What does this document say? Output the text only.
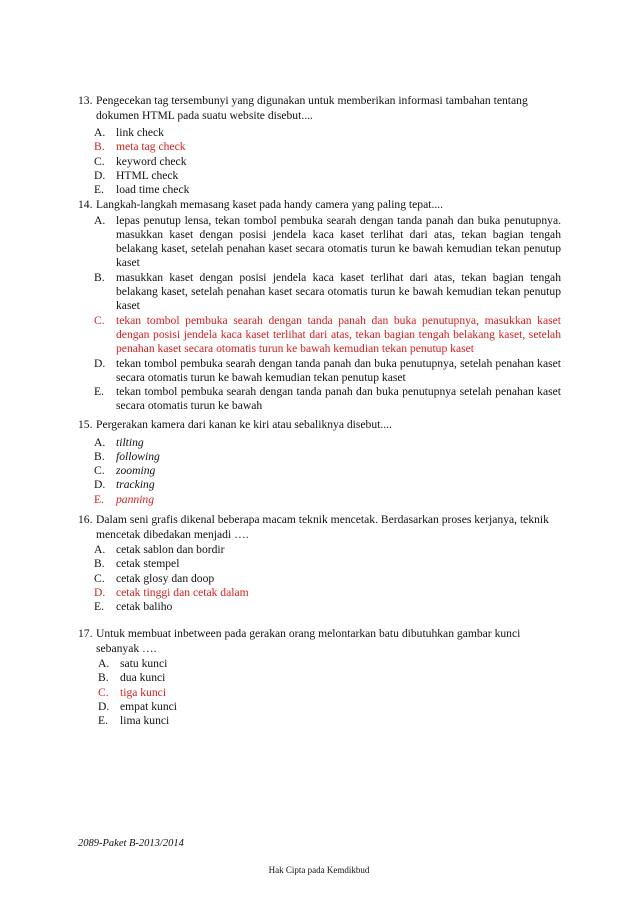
13. Pengecekan tag tersembunyi yang digunakan untuk memberikan informasi tambahan tentang
dokumen HTML pada suatu website disebut....
A. link check
B. meta tag check
C. keyword check
D. HTML check
E.	load time check
14. Langkah-langkah memasang kaset pada handy camera yang paling tepat....
A. lepas penutup lensa, tekan tombol pembuka searah dengan tanda panah dan buka penutupnya. masukkan kaset dengan posisi jendela kaca kaset terlihat dari atas, tekan bagian tengah belakang kaset, setelah penahan kaset secara otomatis turun ke bawah kemudian tekan penutup kaset
B. masukkan kaset dengan posisi jendela kaca kaset terlihat dari atas, tekan bagian tengah belakang kaset, setelah penahan kaset secara otomatis turun ke bawah kemudian tekan penutup kaset
C. tekan tombol pembuka searah dengan tanda panah dan buka penutupnya, masukkan kaset dengan posisi jendela kaca kaset terlihat dari atas, tekan bagian tengah belakang kaset, setelah penahan kaset secara otomatis turun ke bawah kemudian tekan penutup kaset
D. tekan tombol pembuka searah dengan tanda panah dan buka penutupnya, setelah penahan kaset secara otomatis turun ke bawah kemudian tekan penutup kaset
E.	tekan tombol pembuka searah dengan tanda panah dan buka penutupnya setelah penahan kaset secara otomatis turun ke bawah
15. Pergerakan kamera dari kanan ke kiri atau sebaliknya disebut....
A. tilting
B. following
C. zooming
D. tracking
E.	panning
16. Dalam seni grafis dikenal beberapa macam teknik mencetak. Berdasarkan proses kerjanya, teknik
mencetak dibedakan menjadi ….
A. cetak sablon dan bordir
B. cetak stempel
C. cetak glosy dan doop
D. cetak tinggi dan cetak dalam
E.	cetak baliho
17. Untuk membuat inbetween pada gerakan orang melontarkan batu dibutuhkan gambar kunci
sebanyak ….
A. satu kunci
B. dua kunci
C. tiga kunci
D. empat kunci
E.	lima kunci
2089-Paket B-2013/2014
Hak Cipta pada Kemdikbud
